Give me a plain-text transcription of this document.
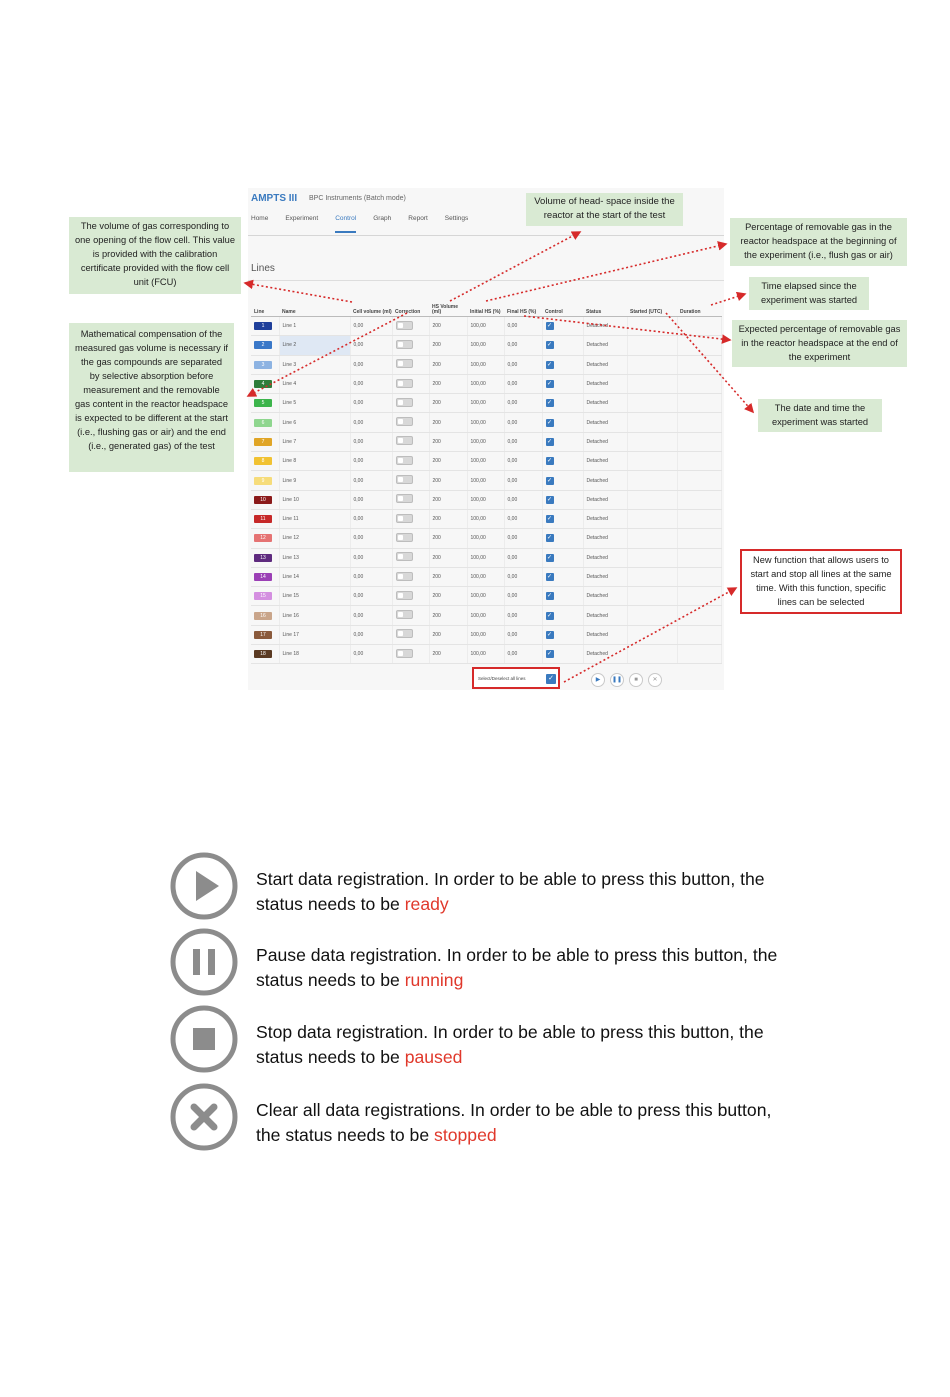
AMPTS III BPC Instruments (Batch mode)
Home	Experiment	Control	Graph	Report	Settings
Lines
Line	Name	Cell volume (ml)	Correction	HS Volume (ml)	Initial HS (%)	Final HS (%)	Control	Status	Started (UTC)	Duration
1	Line 1	0,00		200	100,00	0,00	✓	Detached		
2	Line 2	0,00		200	100,00	0,00	✓	Detached		
3	Line 3	0,00		200	100,00	0,00	✓	Detached		
4	Line 4	0,00		200	100,00	0,00	✓	Detached		
5	Line 5	0,00		200	100,00	0,00	✓	Detached		
6	Line 6	0,00		200	100,00	0,00	✓	Detached		
7	Line 7	0,00		200	100,00	0,00	✓	Detached		
8	Line 8	0,00		200	100,00	0,00	✓	Detached		
9	Line 9	0,00		200	100,00	0,00	✓	Detached		
10	Line 10	0,00		200	100,00	0,00	✓	Detached		
11	Line 11	0,00		200	100,00	0,00	✓	Detached		
12	Line 12	0,00		200	100,00	0,00	✓	Detached		
13	Line 13	0,00		200	100,00	0,00	✓	Detached		
14	Line 14	0,00		200	100,00	0,00	✓	Detached		
15	Line 15	0,00		200	100,00	0,00	✓	Detached		
16	Line 16	0,00		200	100,00	0,00	✓	Detached		
17	Line 17	0,00		200	100,00	0,00	✓	Detached		
18	Line 18	0,00		200	100,00	0,00	✓	Detached		
Select/Deselect all lines	✓	▶	❚❚	■	✕
The volume of gas corresponding to one opening of the flow cell. This value is provided with the calibration certificate provided with the flow cell unit (FCU)
Mathematical compensation of the measured gas volume is necessary if the gas compounds are separated by selective absorption before measurement and the removable gas content in the reactor headspace is expected to be different at the start (i.e., flushing gas or air) and the end (i.e., generated gas) of the test
Volume of head- space inside the reactor at the start of the test
Percentage of removable gas in the reactor headspace at the beginning of the experiment (i.e., flush gas or air)
Time elapsed since the experiment was started
Expected percentage of removable gas in the reactor headspace at the end of the experiment
The date and time the experiment was started
New function that allows users to start and stop all lines at the same time. With this function, specific lines can be selected
Start data registration. In order to be able to press this button, the status needs to be ready
Pause data registration. In order to be able to press this button, the status needs to be running
Stop data registration. In order to be able to press this button, the status needs to be paused
Clear all data registrations. In order to be able to press this button, the status needs to be stopped
